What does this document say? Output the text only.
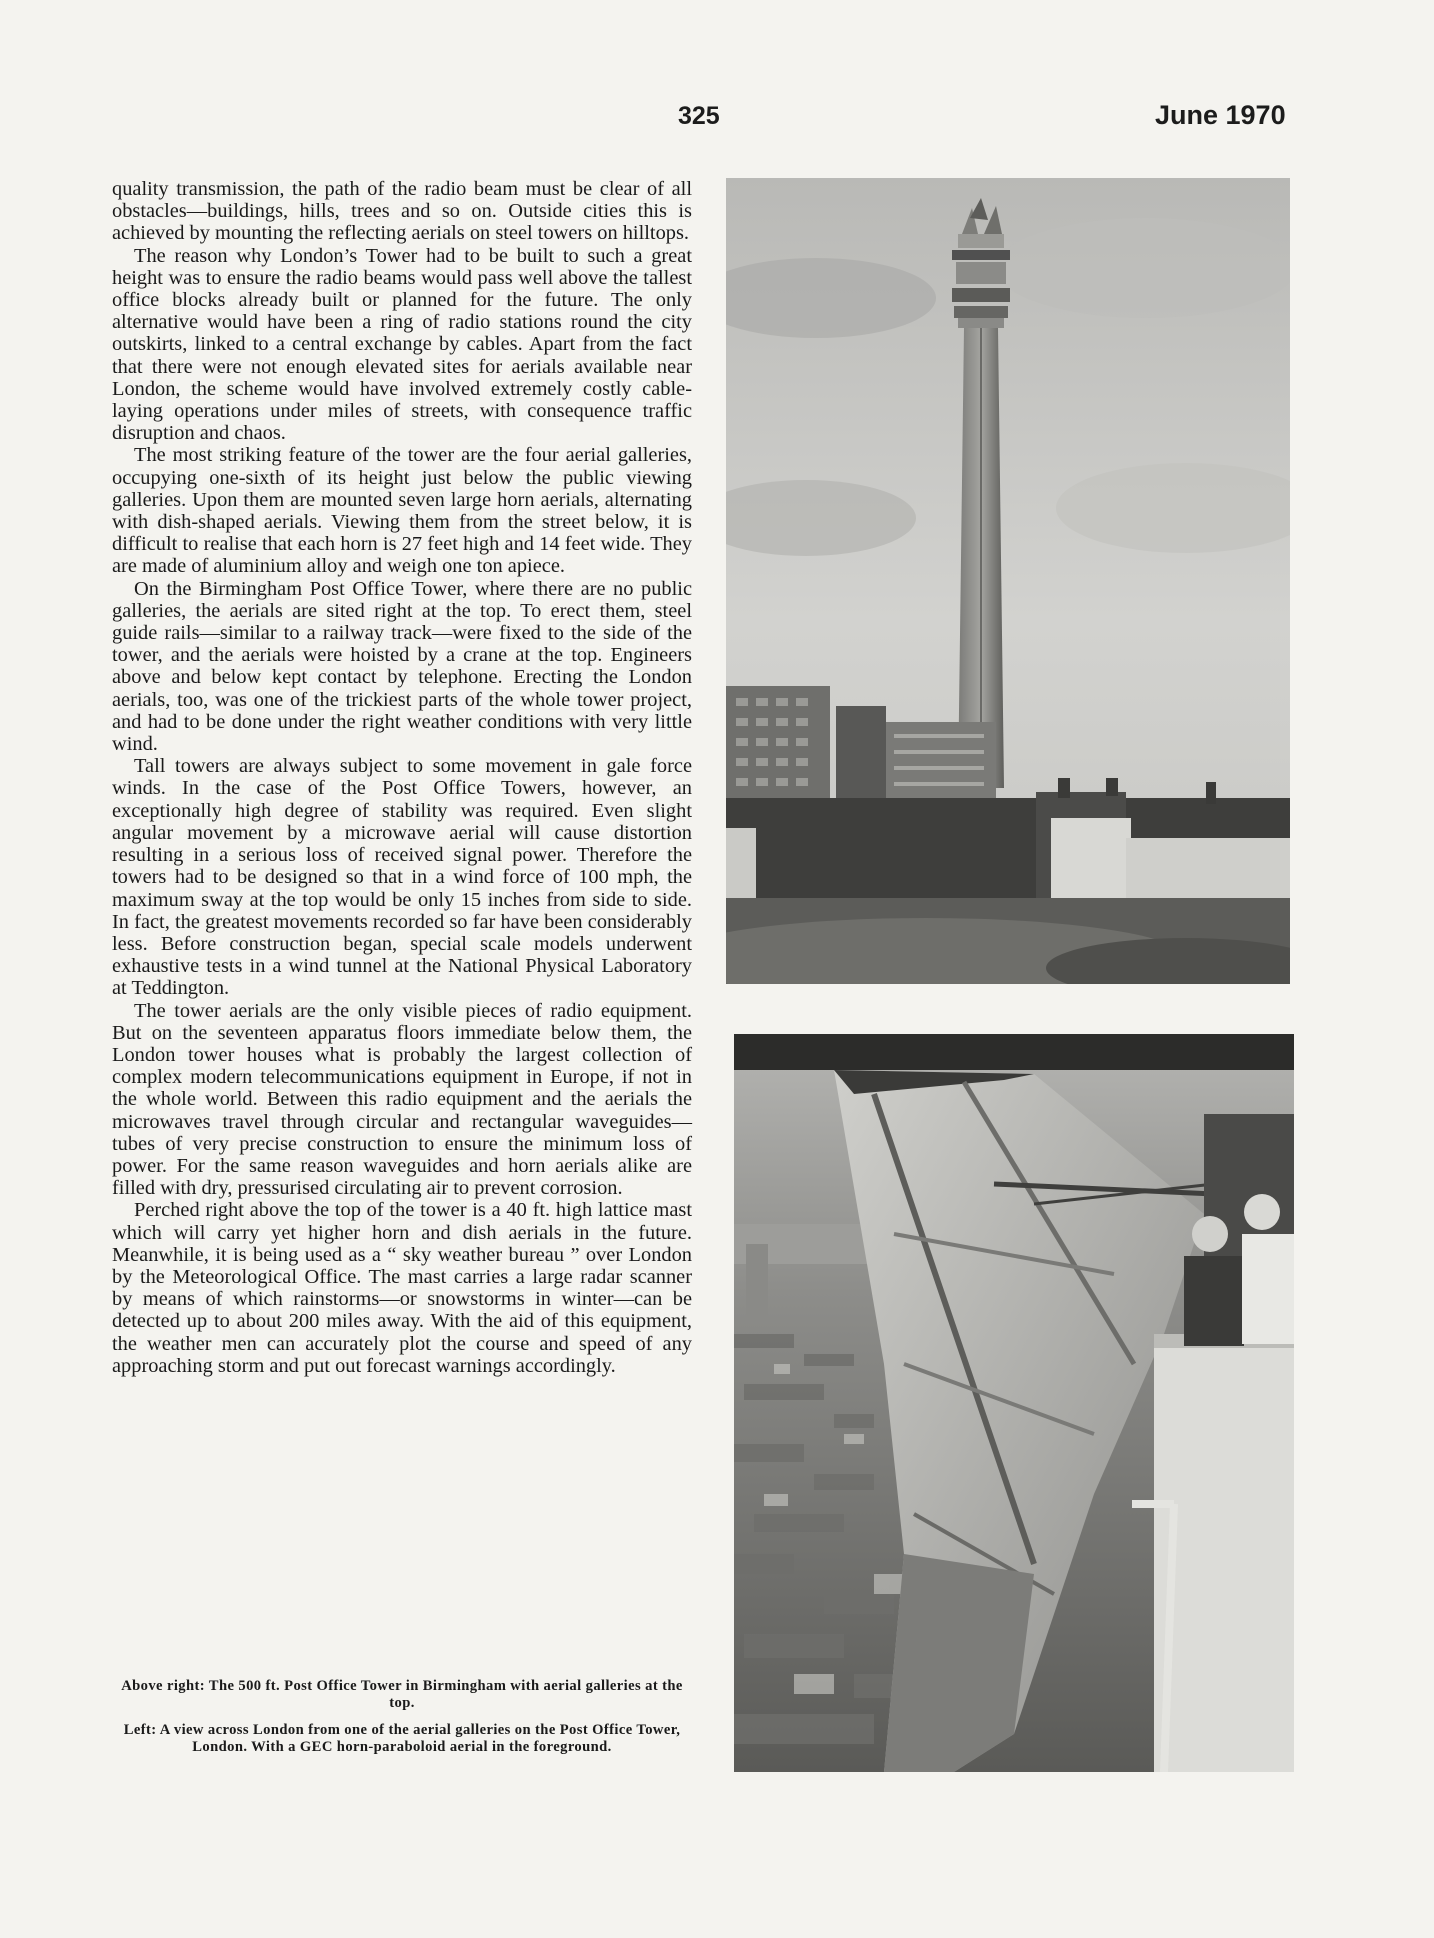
325	June 1970

quality transmission, the path of the radio beam must be clear of all obstacles—buildings, hills, trees and so on. Outside cities this is achieved by mounting the reflecting aerials on steel towers on hilltops.

The reason why London’s Tower had to be built to such a great height was to ensure the radio beams would pass well above the tallest office blocks already built or planned for the future. The only alternative would have been a ring of radio stations round the city outskirts, linked to a central exchange by cables. Apart from the fact that there were not enough elevated sites for aerials available near London, the scheme would have involved extremely costly cable-laying operations under miles of streets, with consequence traffic disruption and chaos.

The most striking feature of the tower are the four aerial galleries, occupying one-sixth of its height just below the public viewing galleries. Upon them are mounted seven large horn aerials, alternating with dish-shaped aerials. Viewing them from the street below, it is difficult to realise that each horn is 27 feet high and 14 feet wide. They are made of aluminium alloy and weigh one ton apiece.

On the Birmingham Post Office Tower, where there are no public galleries, the aerials are sited right at the top. To erect them, steel guide rails—similar to a railway track—were fixed to the side of the tower, and the aerials were hoisted by a crane at the top. Engineers above and below kept contact by telephone. Erecting the London aerials, too, was one of the trickiest parts of the whole tower project, and had to be done under the right weather conditions with very little wind.

Tall towers are always subject to some movement in gale force winds. In the case of the Post Office Towers, however, an exceptionally high degree of stability was required. Even slight angular movement by a microwave aerial will cause distortion resulting in a serious loss of received signal power. Therefore the towers had to be designed so that in a wind force of 100 mph, the maximum sway at the top would be only 15 inches from side to side. In fact, the greatest movements recorded so far have been considerably less. Before construction began, special scale models underwent exhaustive tests in a wind tunnel at the National Physical Laboratory at Teddington.

The tower aerials are the only visible pieces of radio equipment. But on the seventeen apparatus floors immediate below them, the London tower houses what is probably the largest collection of complex modern telecommunications equipment in Europe, if not in the whole world. Between this radio equipment and the aerials the microwaves travel through circular and rectangular waveguides—tubes of very precise construction to ensure the minimum loss of power. For the same reason waveguides and horn aerials alike are filled with dry, pressurised circulating air to prevent corrosion.

Perched right above the top of the tower is a 40 ft. high lattice mast which will carry yet higher horn and dish aerials in the future. Meanwhile, it is being used as a “ sky weather bureau ” over London by the Meteorological Office. The mast carries a large radar scanner by means of which rainstorms—or snowstorms in winter—can be detected up to about 200 miles away. With the aid of this equipment, the weather men can accurately plot the course and speed of any approaching storm and put out forecast warnings accordingly.

Above right: The 500 ft. Post Office Tower in Birmingham with aerial galleries at the top.

Left: A view across London from one of the aerial galleries on the Post Office Tower, London. With a GEC horn-paraboloid aerial in the foreground.
